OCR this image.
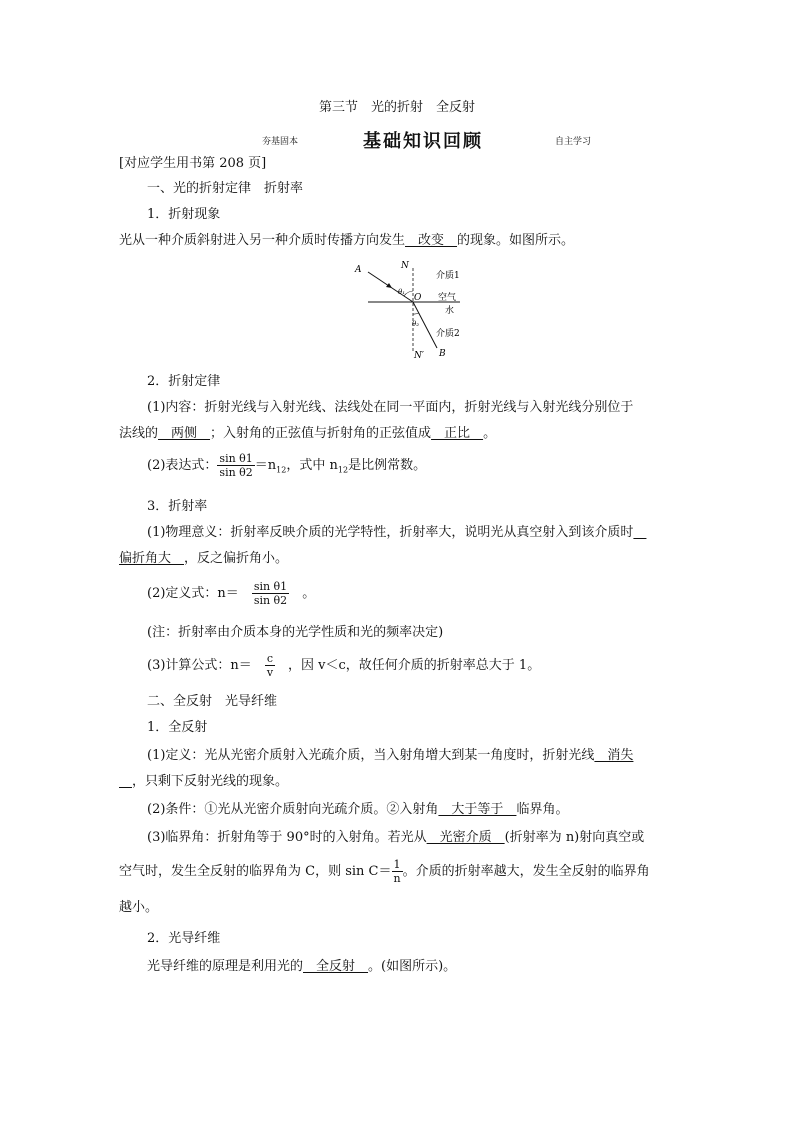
第三节　光的折射　全反射
夯基固本	基础知识回顾	自主学习
[对应学生用书第 208 页]
一、光的折射定律　折射率
1．折射现象
光从一种介质斜射进入另一种介质时传播方向发生　改变　的现象。如图所示。
A	N
θ₁
O
θ₂
介质1
空气
水
介质2
B
N′
2．折射定律
(1)内容：折射光线与入射光线、法线处在同一平面内，折射光线与入射光线分别位于
法线的　两侧　；入射角的正弦值与折射角的正弦值成　正比　。
(2)表达式： $\frac{\text{sin θ1}}{\text{sin θ2}} =n_{12}$，式中 $n_{12}$是比例常数。
3．折射率
(1)物理意义：折射率反映介质的光学特性，折射率大，说明光从真空射入到该介质时　
偏折角大　，反之偏折角小。
(2)定义式：n＝　 $\frac{\text{sin θ1}}{\text{sin θ2}}$
　 。
(注：折射率由介质本身的光学性质和光的频率决定)
(3)计算公式：n＝　 $\frac{c}{v}$
　 ，因 v＜c，故任何介质的折射率总大于 1。
二、全反射　光导纤维
1．全反射
(1)定义：光从光密介质射入光疏介质，当入射角增大到某一角度时，折射光线　消失
　，只剩下反射光线的现象。
(2)条件：①光从光密介质射向光疏介质。②入射角　大于等于　临界角。
(3)临界角：折射角等于 90°时的入射角。若光从　光密介质　(折射率为 n)射向真空或
空气时，发生全反射的临界角为 C，则 $\sin C= \frac{1}{n}$ 。介质的折射率越大，发生全反射的临界角
越小。
2．光导纤维
光导纤维的原理是利用光的　全反射　。(如图所示)。
